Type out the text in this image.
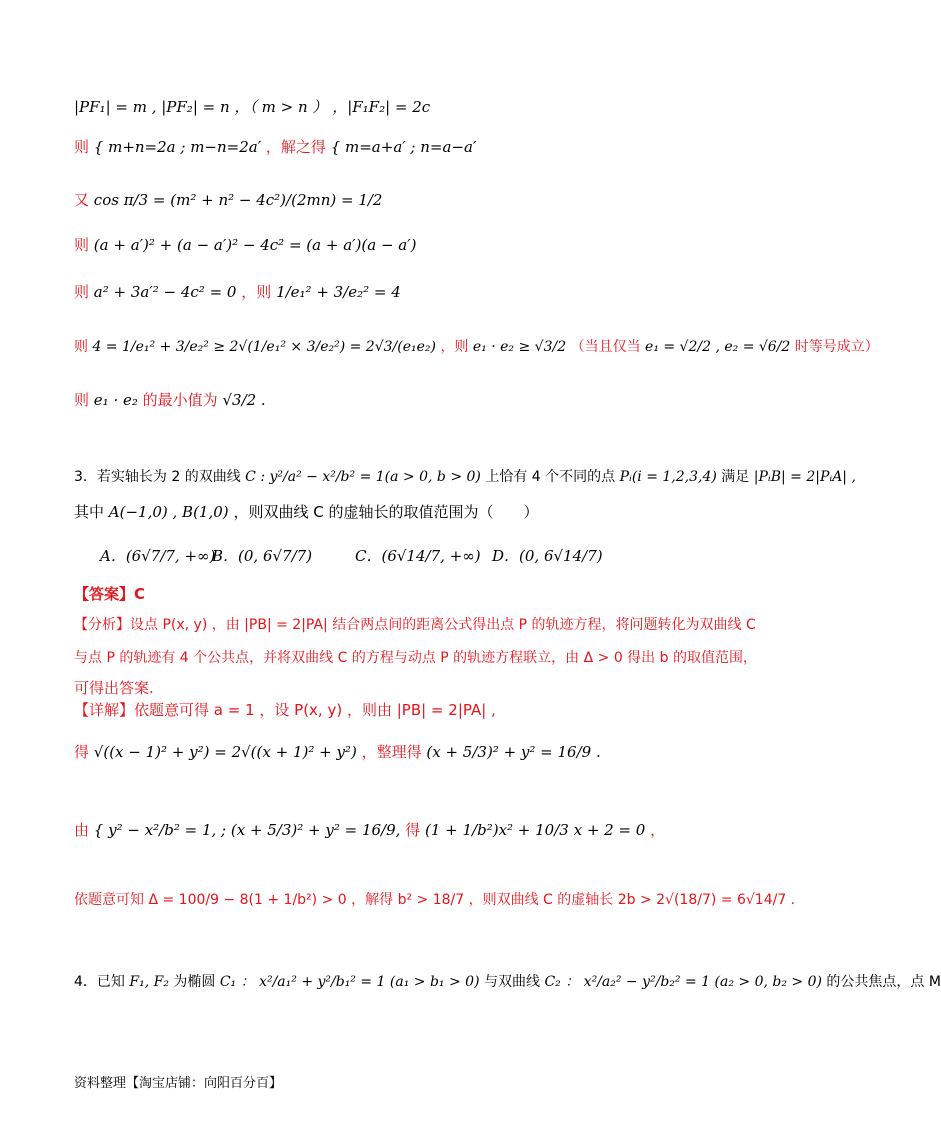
|PF₁| = m , |PF₂| = n ，（ m > n ） ，|F₁F₂| = 2c
则 { m+n=2a ; m−n=2a′ ，解之得 { m=a+a′ ; n=a−a′
又 cos π/3 = (m² + n² − 4c²)/(2mn) = 1/2
则 (a + a′)² + (a − a′)² − 4c² = (a + a′)(a − a′)
则 a² + 3a′² − 4c² = 0 ，则 1/e₁² + 3/e₂² = 4
则 4 = 1/e₁² + 3/e₂² ≥ 2√(1/e₁² × 3/e₂²) = 2√3/(e₁e₂) ，则 e₁ · e₂ ≥ √3/2 （当且仅当 e₁ = √2/2 , e₂ = √6/2 时等号成立）
则 e₁ · e₂ 的最小值为 √3/2 .
3．若实轴长为 2 的双曲线 C : y²/a² − x²/b² = 1(a > 0, b > 0) 上恰有 4 个不同的点 Pᵢ(i = 1,2,3,4) 满足 |PᵢB| = 2|PᵢA| ,
其中 A(−1,0) , B(1,0) ，则双曲线 C 的虚轴长的取值范围为（　　）
A．(6√7/7, +∞)
B．(0, 6√7/7)	C．(6√14/7, +∞) D．(0, 6√14/7)
【答案】C
【分析】设点 P(x, y) ，由 |PB| = 2|PA| 结合两点间的距离公式得出点 P 的轨迹方程，将问题转化为双曲线 C
与点 P 的轨迹有 4 个公共点，并将双曲线 C 的方程与动点 P 的轨迹方程联立，由 Δ > 0 得出 b 的取值范围，
可得出答案.
【详解】依题意可得 a = 1 ，设 P(x, y) ，则由 |PB| = 2|PA| ,
得 √((x − 1)² + y²) = 2√((x + 1)² + y²) ，整理得 (x + 5/3)² + y² = 16/9 .
由 { y² − x²/b² = 1, ; (x + 5/3)² + y² = 16/9, 得 (1 + 1/b²)x² + 10/3 x + 2 = 0 ，
依题意可知 Δ = 100/9 − 8(1 + 1/b²) > 0 ，解得 b² > 18/7 ，则双曲线 C 的虚轴长 2b > 2√(18/7) = 6√14/7 .
4．已知 F₁, F₂ 为椭圆 C₁ ： x²/a₁² + y²/b₁² = 1 (a₁ > b₁ > 0) 与双曲线 C₂ ： x²/a₂² − y²/b₂² = 1 (a₂ > 0, b₂ > 0) 的公共焦点，点 M
资料整理【淘宝店铺：向阳百分百】
